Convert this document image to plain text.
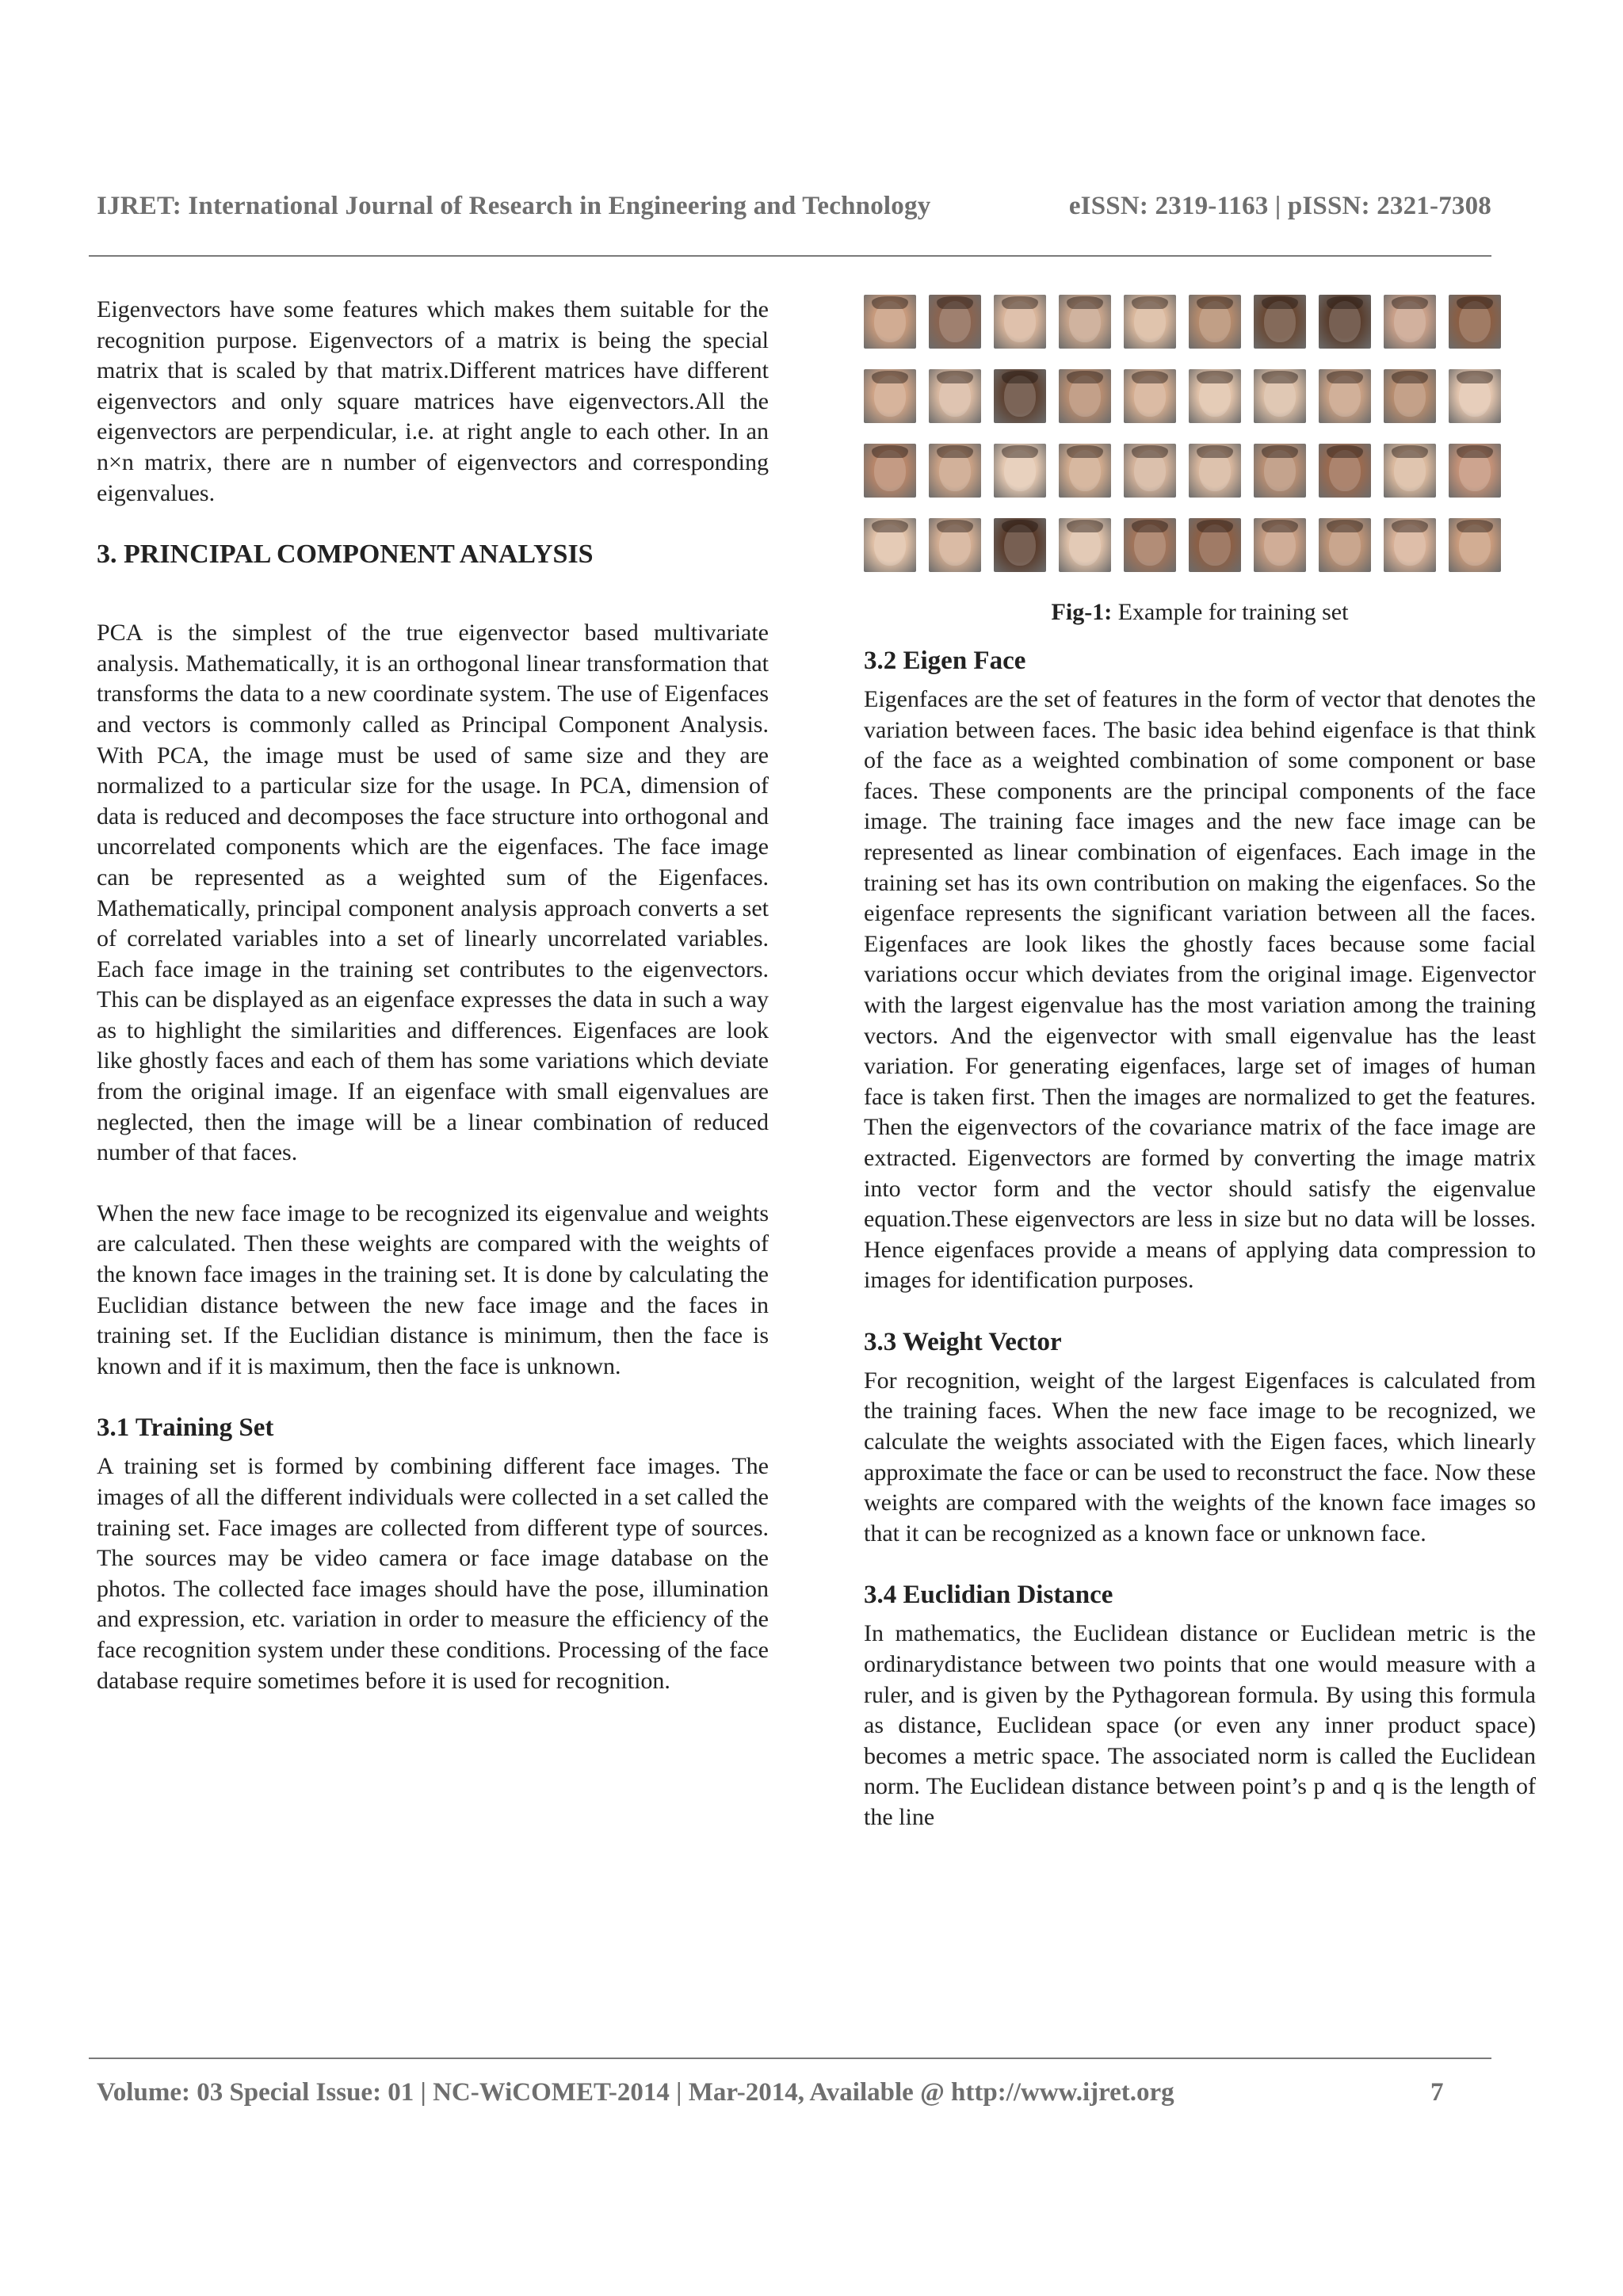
IJRET: International Journal of Research in Engineering and Technology	eISSN: 2319-1163 | pISSN: 2321-7308

Eigenvectors have some features which makes them suitable for the recognition purpose. Eigenvectors of a matrix is being the special matrix that is scaled by that matrix.Different matrices have different eigenvectors and only square matrices have eigenvectors.All the eigenvectors are perpendicular, i.e. at right angle to each other. In an n×n matrix, there are n number of eigenvectors and corresponding eigenvalues.

3. PRINCIPAL COMPONENT ANALYSIS

PCA is the simplest of the true eigenvector based multivariate analysis. Mathematically, it is an orthogonal linear transformation that transforms the data to a new coordinate system. The use of Eigenfaces and vectors is commonly called as Principal Component Analysis. With PCA, the image must be used of same size and they are normalized to a particular size for the usage. In PCA, dimension of data is reduced and decomposes the face structure into orthogonal and uncorrelated components which are the eigenfaces. The face image can be represented as a weighted sum of the Eigenfaces. Mathematically, principal component analysis approach converts a set of correlated variables into a set of linearly uncorrelated variables. Each face image in the training set contributes to the eigenvectors. This can be displayed as an eigenface expresses the data in such a way as to highlight the similarities and differences. Eigenfaces are look like ghostly faces and each of them has some variations which deviate from the original image. If an eigenface with small eigenvalues are neglected, then the image will be a linear combination of reduced number of that faces.

When the new face image to be recognized its eigenvalue and weights are calculated. Then these weights are compared with the weights of the known face images in the training set. It is done by calculating the Euclidian distance between the new face image and the faces in training set. If the Euclidian distance is minimum, then the face is known and if it is maximum, then the face is unknown.

3.1 Training Set

A training set is formed by combining different face images. The images of all the different individuals were collected in a set called the training set. Face images are collected from different type of sources. The sources may be video camera or face image database on the photos. The collected face images should have the pose, illumination and expression, etc. variation in order to measure the efficiency of the face recognition system under these conditions. Processing of the face database require sometimes before it is used for recognition.

Fig-1: Example for training set
3.2 Eigen Face

Eigenfaces are the set of features in the form of vector that denotes the variation between faces. The basic idea behind eigenface is that think of the face as a weighted combination of some component or base faces. These components are the principal components of the face image. The training face images and the new face image can be represented as linear combination of eigenfaces. Each image in the training set has its own contribution on making the eigenfaces. So the eigenface represents the significant variation between all the faces. Eigenfaces are look likes the ghostly faces because some facial variations occur which deviates from the original image. Eigenvector with the largest eigenvalue has the most variation among the training vectors. And the eigenvector with small eigenvalue has the least variation. For generating eigenfaces, large set of images of human face is taken first. Then the images are normalized to get the features. Then the eigenvectors of the covariance matrix of the face image are extracted. Eigenvectors are formed by converting the image matrix into vector form and the vector should satisfy the eigenvalue equation.These eigenvectors are less in size but no data will be losses. Hence eigenfaces provide a means of applying data compression to images for identification purposes.

3.3 Weight Vector

For recognition, weight of the largest Eigenfaces is calculated from the training faces. When the new face image to be recognized, we calculate the weights associated with the Eigen faces, which linearly approximate the face or can be used to reconstruct the face. Now these weights are compared with the weights of the known face images so that it can be recognized as a known face or unknown face.

3.4 Euclidian Distance

In mathematics, the Euclidean distance or Euclidean metric is the ordinarydistance between two points that one would measure with a ruler, and is given by the Pythagorean formula. By using this formula as distance, Euclidean space (or even any inner product space) becomes a metric space. The associated norm is called the Euclidean norm. The Euclidean distance between point’s p and q is the length of the line

Volume: 03 Special Issue: 01 | NC-WiCOMET-2014 | Mar-2014, Available @ http://www.ijret.org	7
